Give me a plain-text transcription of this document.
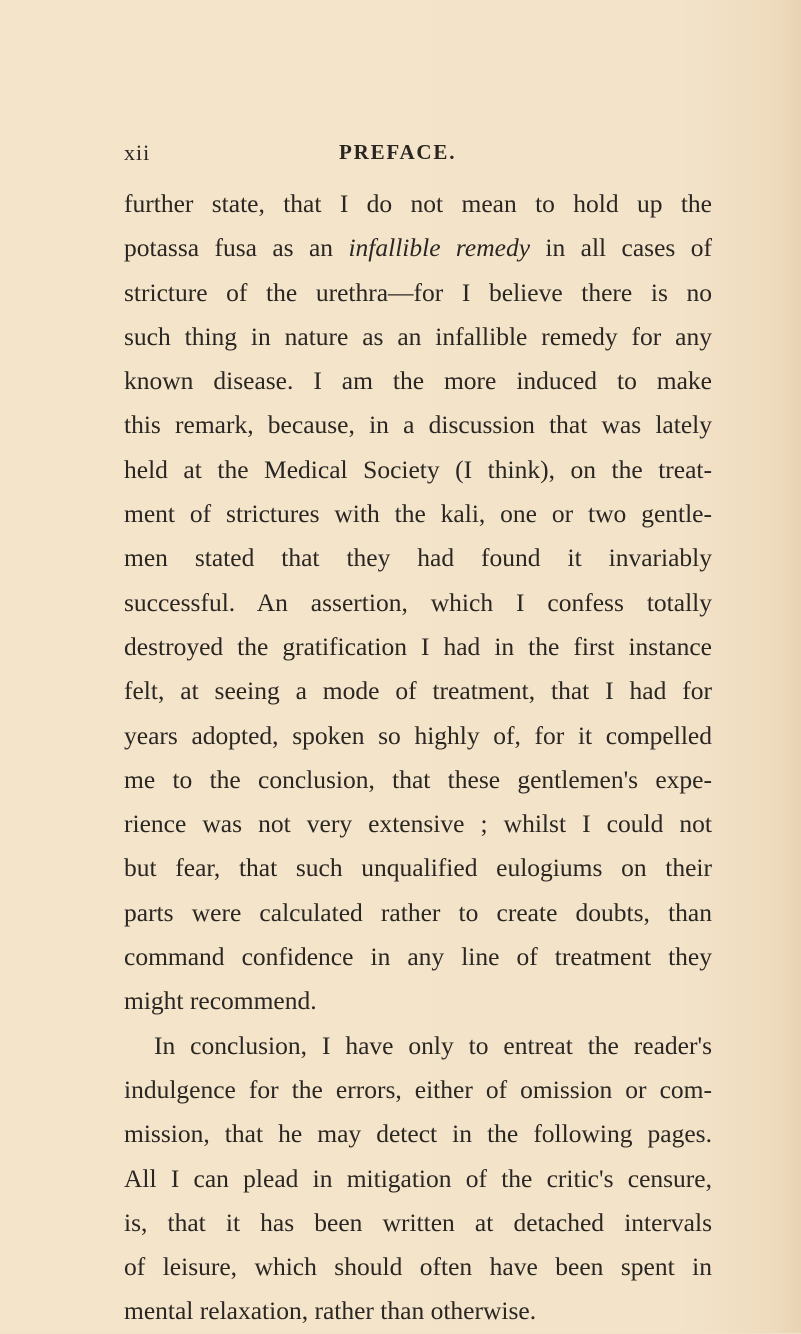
xii	PREFACE.
further state, that I do not mean to hold up the
potassa fusa as an infallible remedy in all cases of
stricture of the urethra—for I believe there is no
such thing in nature as an infallible remedy for any
known disease. I am the more induced to make
this remark, because, in a discussion that was lately
held at the Medical Society (I think), on the treat-
ment of strictures with the kali, one or two gentle-
men stated that they had found it invariably
successful. An assertion, which I confess totally
destroyed the gratification I had in the first instance
felt, at seeing a mode of treatment, that I had for
years adopted, spoken so highly of, for it compelled
me to the conclusion, that these gentlemen's expe-
rience was not very extensive ; whilst I could not
but fear, that such unqualified eulogiums on their
parts were calculated rather to create doubts, than
command confidence in any line of treatment they
might recommend.
In conclusion, I have only to entreat the reader's
indulgence for the errors, either of omission or com-
mission, that he may detect in the following pages.
All I can plead in mitigation of the critic's censure,
is, that it has been written at detached intervals
of leisure, which should often have been spent in
mental relaxation, rather than otherwise.
